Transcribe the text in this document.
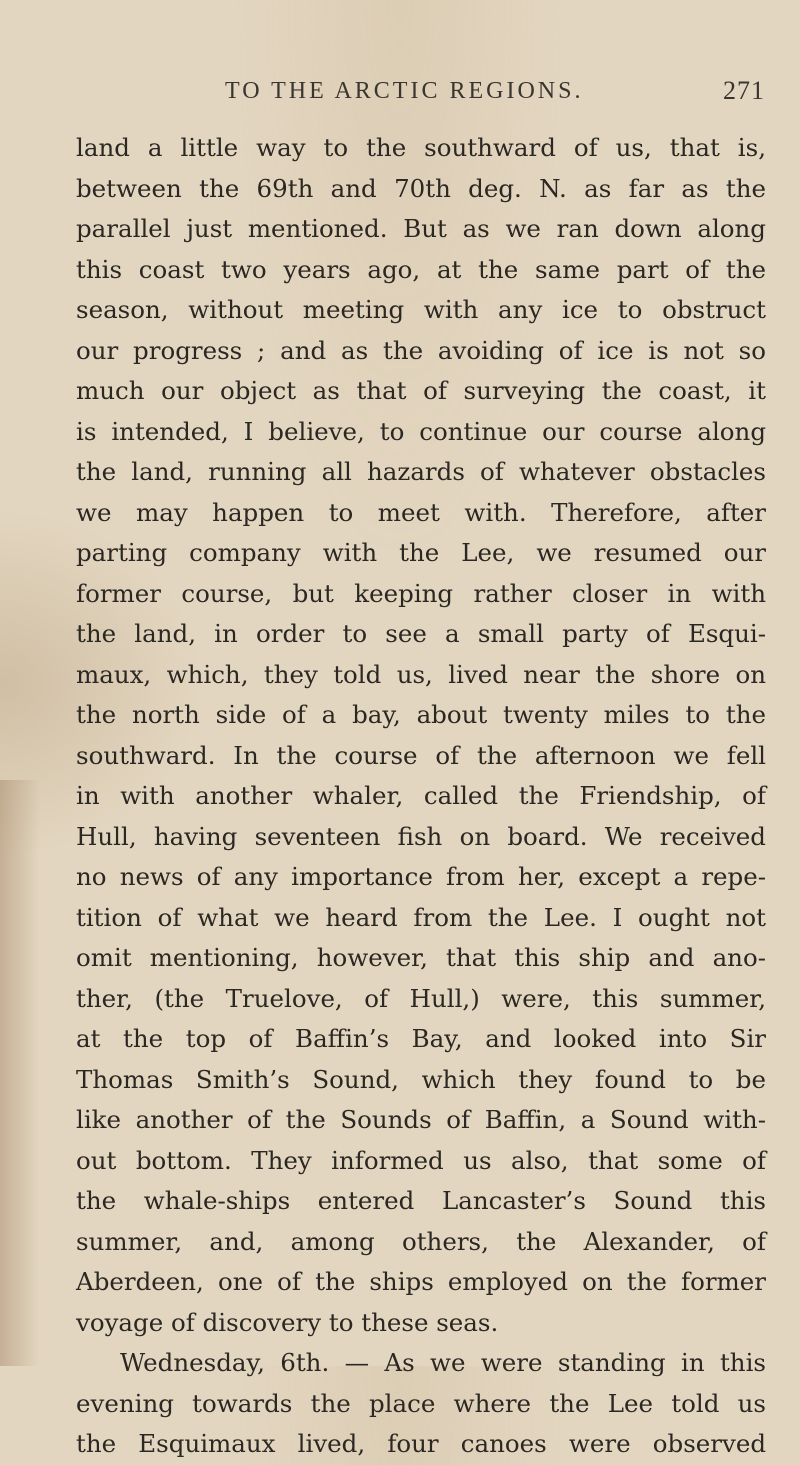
TO THE ARCTIC REGIONS.	271
land a little way to the southward of us, that is,
between the 69th and 70th deg. N. as far as the
parallel just mentioned. But as we ran down along
this coast two years ago, at the same part of the
season, without meeting with any ice to obstruct
our progress ; and as the avoiding of ice is not so
much our object as that of surveying the coast, it
is intended, I believe, to continue our course along
the land, running all hazards of whatever obstacles
we may happen to meet with. Therefore, after
parting company with the Lee, we resumed our
former course, but keeping rather closer in with
the land, in order to see a small party of Esqui-
maux, which, they told us, lived near the shore on
the north side of a bay, about twenty miles to the
southward. In the course of the afternoon we fell
in with another whaler, called the Friendship, of
Hull, having seventeen fish on board. We received
no news of any importance from her, except a repe-
tition of what we heard from the Lee. I ought not
omit mentioning, however, that this ship and ano-
ther, (the Truelove, of Hull,) were, this summer,
at the top of Baffin’s Bay, and looked into Sir
Thomas Smith’s Sound, which they found to be
like another of the Sounds of Baffin, a Sound with-
out bottom. They informed us also, that some of
the whale-ships entered Lancaster’s Sound this
summer, and, among others, the Alexander, of
Aberdeen, one of the ships employed on the former
voyage of discovery to these seas.
Wednesday, 6th. — As we were standing in this
evening towards the place where the Lee told us
the Esquimaux lived, four canoes were observed
